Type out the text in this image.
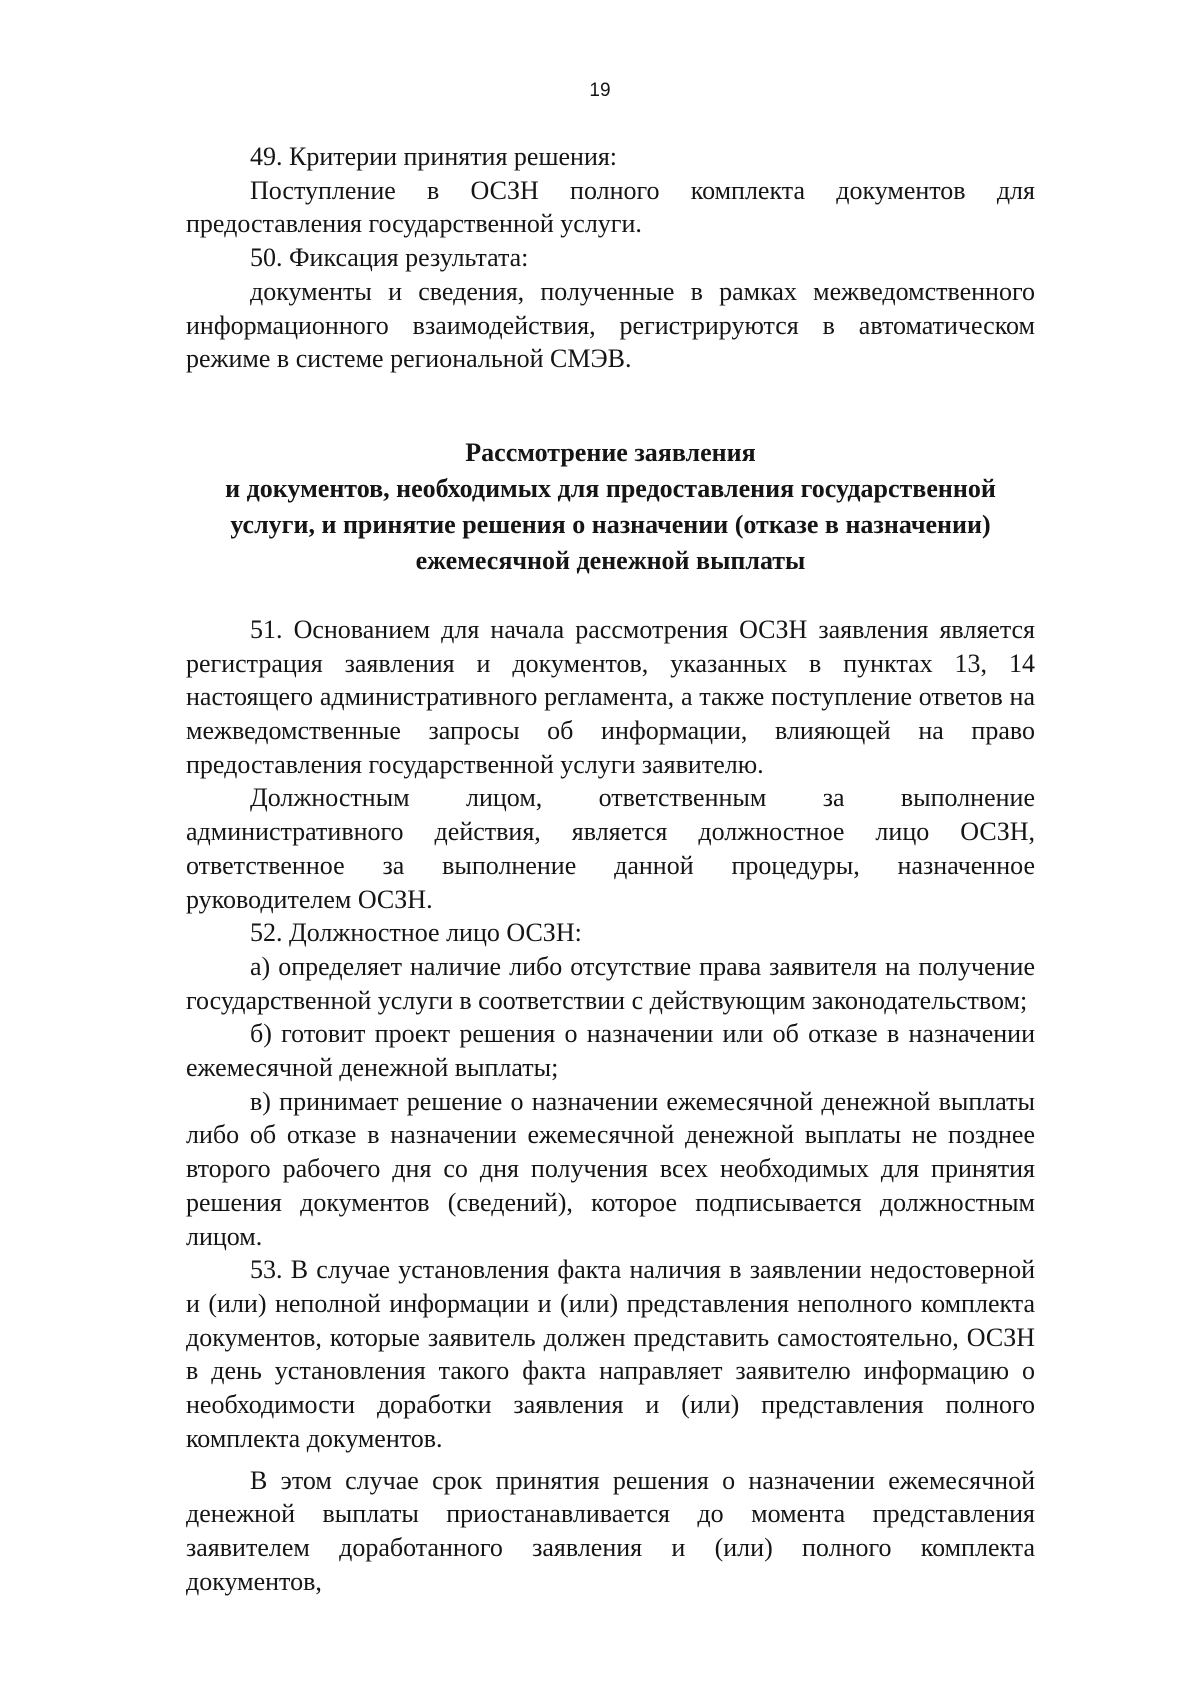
19

49. Критерии принятия решения:

Поступление в ОСЗН полного комплекта документов для предоставления государственной услуги.

50. Фиксация результата:

документы и сведения, полученные в рамках межведомственного информационного взаимодействия, регистрируются в автоматическом режиме в системе региональной СМЭВ.

Рассмотрение заявления
и документов, необходимых для предоставления государственной
услуги, и принятие решения о назначении (отказе в назначении)
ежемесячной денежной выплаты

51. Основанием для начала рассмотрения ОСЗН заявления является регистрация заявления и документов, указанных в пунктах 13, 14 настоящего административного регламента, а также поступление ответов на межведомственные запросы об информации, влияющей на право предоставления государственной услуги заявителю.

Должностным лицом, ответственным за выполнение административного действия, является должностное лицо ОСЗН, ответственное за выполнение данной процедуры, назначенное руководителем ОСЗН.

52. Должностное лицо ОСЗН:

а) определяет наличие либо отсутствие права заявителя на получение государственной услуги в соответствии с действующим законодательством;

б) готовит проект решения о назначении или об отказе в назначении ежемесячной денежной выплаты;

в) принимает решение о назначении ежемесячной денежной выплаты либо об отказе в назначении ежемесячной денежной выплаты не позднее второго рабочего дня со дня получения всех необходимых для принятия решения документов (сведений), которое подписывается должностным лицом.

53. В случае установления факта наличия в заявлении недостоверной и (или) неполной информации и (или) представления неполного комплекта документов, которые заявитель должен представить самостоятельно, ОСЗН в день установления такого факта направляет заявителю информацию о необходимости доработки заявления и (или) представления полного комплекта документов.

В этом случае срок принятия решения о назначении ежемесячной денежной выплаты приостанавливается до момента представления заявителем доработанного заявления и (или) полного комплекта документов,
